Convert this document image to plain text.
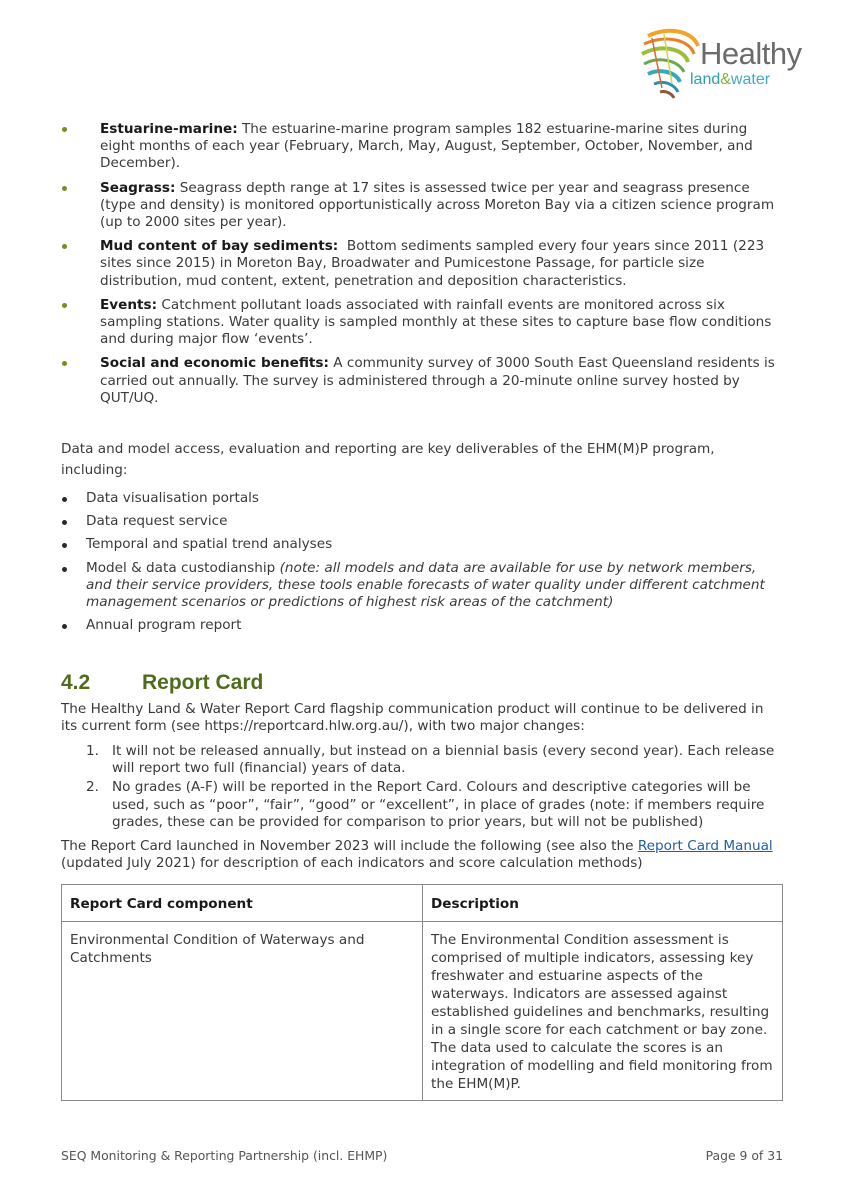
Healthy
land&water
Estuarine-marine: The estuarine-marine program samples 182 estuarine-marine sites during eight months of each year (February, March, May, August, September, October, November, and December).
Seagrass: Seagrass depth range at 17 sites is assessed twice per year and seagrass presence (type and density) is monitored opportunistically across Moreton Bay via a citizen science program (up to 2000 sites per year).
Mud content of bay sediments:  Bottom sediments sampled every four years since 2011 (223 sites since 2015) in Moreton Bay, Broadwater and Pumicestone Passage, for particle size distribution, mud content, extent, penetration and deposition characteristics.
Events: Catchment pollutant loads associated with rainfall events are monitored across six sampling stations. Water quality is sampled monthly at these sites to capture base flow conditions and during major flow ‘events’.
Social and economic benefits: A community survey of 3000 South East Queensland residents is carried out annually. The survey is administered through a 20-minute online survey hosted by QUT/UQ.

Data and model access, evaluation and reporting are key deliverables of the EHM(M)P program, including:

Data visualisation portals
Data request service
Temporal and spatial trend analyses
Model & data custodianship (note: all models and data are available for use by network members, and their service providers, these tools enable forecasts of water quality under different catchment management scenarios or predictions of highest risk areas of the catchment)
Annual program report
4.2 Report Card

The Healthy Land & Water Report Card flagship communication product will continue to be delivered in its current form (see https://reportcard.hlw.org.au/), with two major changes:

1. It will not be released annually, but instead on a biennial basis (every second year). Each release will report two full (financial) years of data.
2. No grades (A-F) will be reported in the Report Card. Colours and descriptive categories will be used, such as “poor”, “fair”, “good” or “excellent”, in place of grades (note: if members require grades, these can be provided for comparison to prior years, but will not be published)

The Report Card launched in November 2023 will include the following (see also the Report Card Manual (updated July 2021) for description of each indicators and score calculation methods)

Report Card component	Description
Environmental Condition of Waterways and Catchments	The Environmental Condition assessment is comprised of multiple indicators, assessing key freshwater and estuarine aspects of the waterways. Indicators are assessed against established guidelines and benchmarks, resulting in a single score for each catchment or bay zone. The data used to calculate the scores is an integration of modelling and field monitoring from the EHM(M)P.
SEQ Monitoring & Reporting Partnership (incl. EHMP)	Page 9 of 31
